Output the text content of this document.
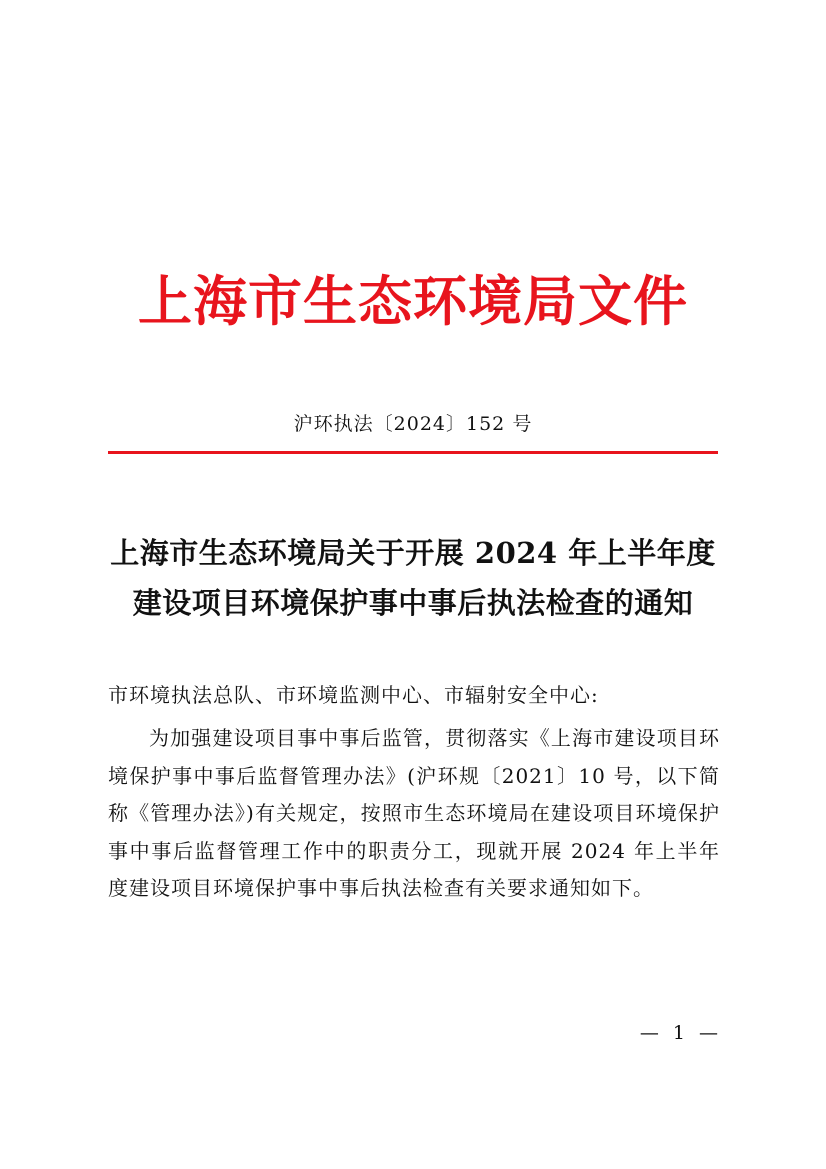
上海市生态环境局文件
沪环执法〔2024〕152 号
上海市生态环境局关于开展 2024 年上半年度
建设项目环境保护事中事后执法检查的通知
市环境执法总队、市环境监测中心、市辐射安全中心:
为加强建设项目事中事后监管，贯彻落实《上海市建设项目环境保护事中事后监督管理办法》(沪环规〔2021〕10 号，以下简称《管理办法》)有关规定，按照市生态环境局在建设项目环境保护事中事后监督管理工作中的职责分工，现就开展 2024 年上半年度建设项目环境保护事中事后执法检查有关要求通知如下。
— 1 —
